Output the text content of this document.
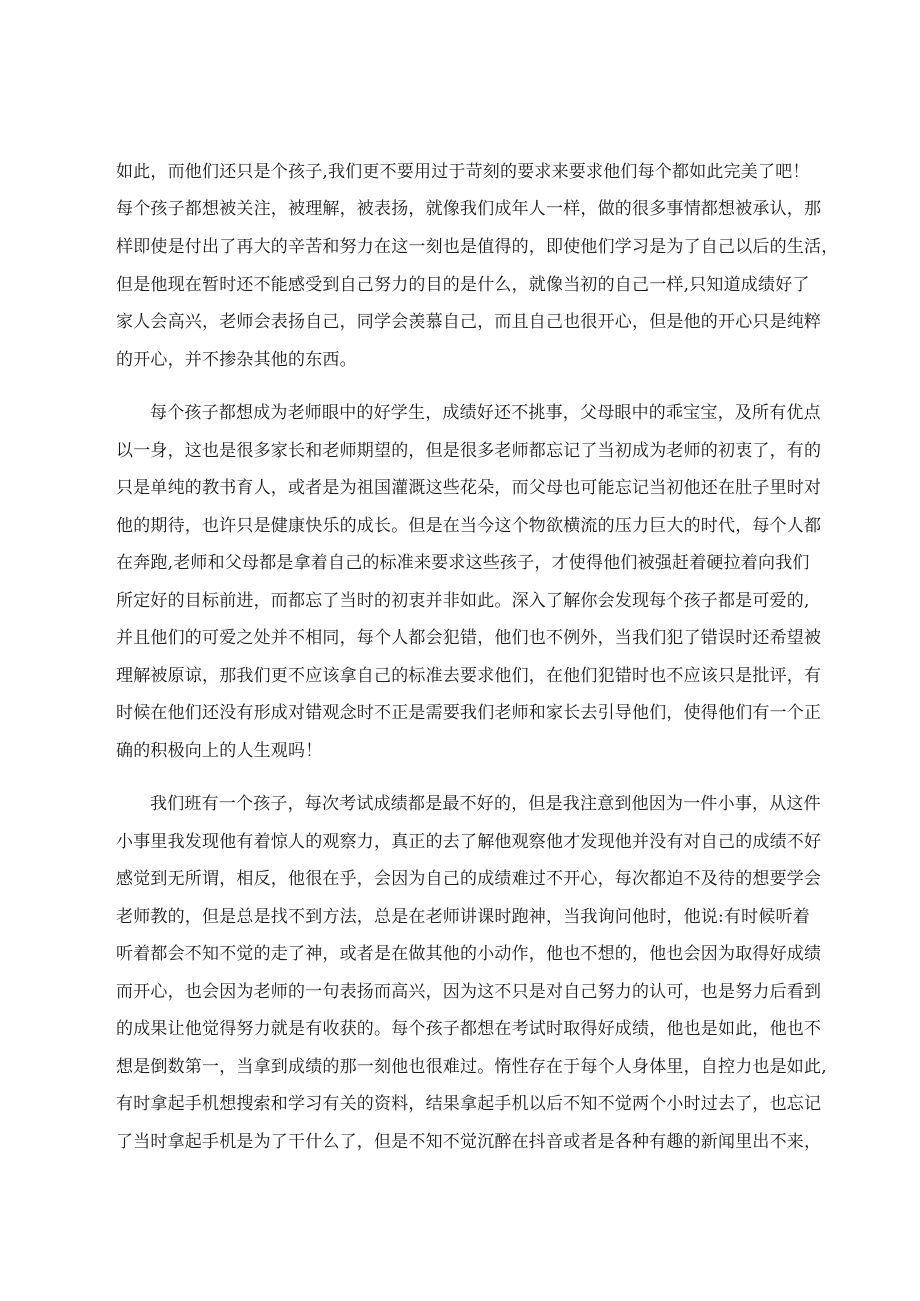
如此，而他们还只是个孩子,我们更不要用过于苛刻的要求来要求他们每个都如此完美了吧！
每个孩子都想被关注，被理解，被表扬，就像我们成年人一样，做的很多事情都想被承认，那
样即使是付出了再大的辛苦和努力在这一刻也是值得的，即使他们学习是为了自己以后的生活，
但是他现在暂时还不能感受到自己努力的目的是什么，就像当初的自己一样,只知道成绩好了
家人会高兴，老师会表扬自己，同学会羡慕自己，而且自己也很开心，但是他的开心只是纯粹
的开心，并不掺杂其他的东西。
每个孩子都想成为老师眼中的好学生，成绩好还不挑事，父母眼中的乖宝宝，及所有优点
以一身，这也是很多家长和老师期望的，但是很多老师都忘记了当初成为老师的初衷了，有的
只是单纯的教书育人，或者是为祖国灌溉这些花朵，而父母也可能忘记当初他还在肚子里时对
他的期待，也许只是健康快乐的成长。但是在当今这个物欲横流的压力巨大的时代，每个人都
在奔跑,老师和父母都是拿着自己的标准来要求这些孩子，才使得他们被强赶着硬拉着向我们
所定好的目标前进，而都忘了当时的初衷并非如此。深入了解你会发现每个孩子都是可爱的,
并且他们的可爱之处并不相同，每个人都会犯错，他们也不例外，当我们犯了错误时还希望被
理解被原谅，那我们更不应该拿自己的标准去要求他们，在他们犯错时也不应该只是批评，有
时候在他们还没有形成对错观念时不正是需要我们老师和家长去引导他们，使得他们有一个正
确的积极向上的人生观吗！
我们班有一个孩子，每次考试成绩都是最不好的，但是我注意到他因为一件小事，从这件
小事里我发现他有着惊人的观察力，真正的去了解他观察他才发现他并没有对自己的成绩不好
感觉到无所谓，相反，他很在乎，会因为自己的成绩难过不开心，每次都迫不及待的想要学会
老师教的，但是总是找不到方法，总是在老师讲课时跑神，当我询问他时，他说:有时候听着
听着都会不知不觉的走了神，或者是在做其他的小动作，他也不想的，他也会因为取得好成绩
而开心，也会因为老师的一句表扬而高兴，因为这不只是对自己努力的认可，也是努力后看到
的成果让他觉得努力就是有收获的。每个孩子都想在考试时取得好成绩，他也是如此，他也不
想是倒数第一，当拿到成绩的那一刻他也很难过。惰性存在于每个人身体里，自控力也是如此,
有时拿起手机想搜索和学习有关的资料，结果拿起手机以后不知不觉两个小时过去了，也忘记
了当时拿起手机是为了干什么了，但是不知不觉沉醉在抖音或者是各种有趣的新闻里出不来，
